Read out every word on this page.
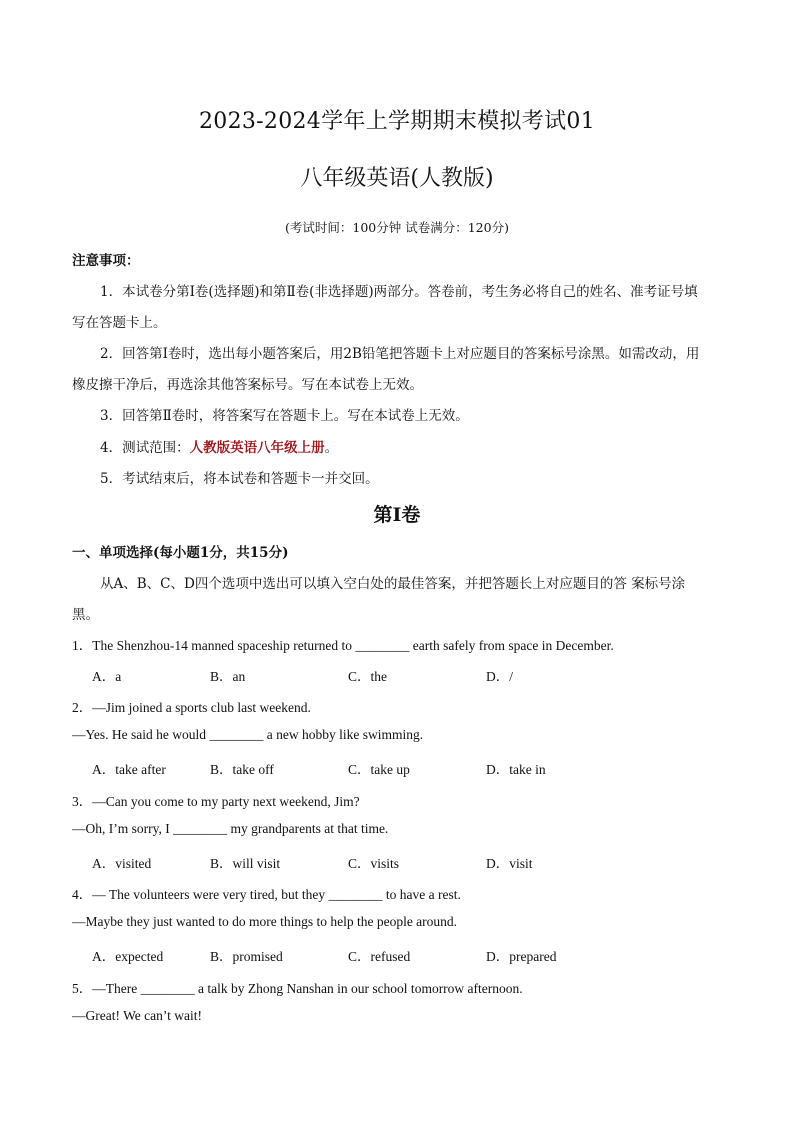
2023-2024学年上学期期末模拟考试01
八年级英语(人教版)
(考试时间：100分钟 试卷满分：120分)
注意事项：
1．本试卷分第Ⅰ卷(选择题)和第Ⅱ卷(非选择题)两部分。答卷前，考生务必将自己的姓名、准考证号填
写在答题卡上。
2．回答第Ⅰ卷时，选出每小题答案后，用2B铅笔把答题卡上对应题目的答案标号涂黑。如需改动，用
橡皮擦干净后，再选涂其他答案标号。写在本试卷上无效。
3．回答第Ⅱ卷时，将答案写在答题卡上。写在本试卷上无效。
4．测试范围：人教版英语八年级上册。
5．考试结束后，将本试卷和答题卡一并交回。
第Ⅰ卷
一、单项选择(每小题1分，共15分)
从A、B、C、D四个选项中选出可以填入空白处的最佳答案，并把答题长上对应题目的答 案标号涂
黑。
1．The Shenzhou-14 manned spaceship returned to ________ earth safely from space in December.
A．a	B．an	C．the	D．/
2．—Jim joined a sports club last weekend.
—Yes. He said he would ________ a new hobby like swimming.
A．take after	B．take off	C．take up	D．take in
3．—Can you come to my party next weekend, Jim?
—Oh, I’m sorry, I ________ my grandparents at that time.
A．visited	B．will visit	C．visits	D．visit
4．— The volunteers were very tired, but they ________ to have a rest.
—Maybe they just wanted to do more things to help the people around.
A．expected	B．promised	C．refused	D．prepared
5．—There ________ a talk by Zhong Nanshan in our school tomorrow afternoon.
—Great! We can’t wait!
